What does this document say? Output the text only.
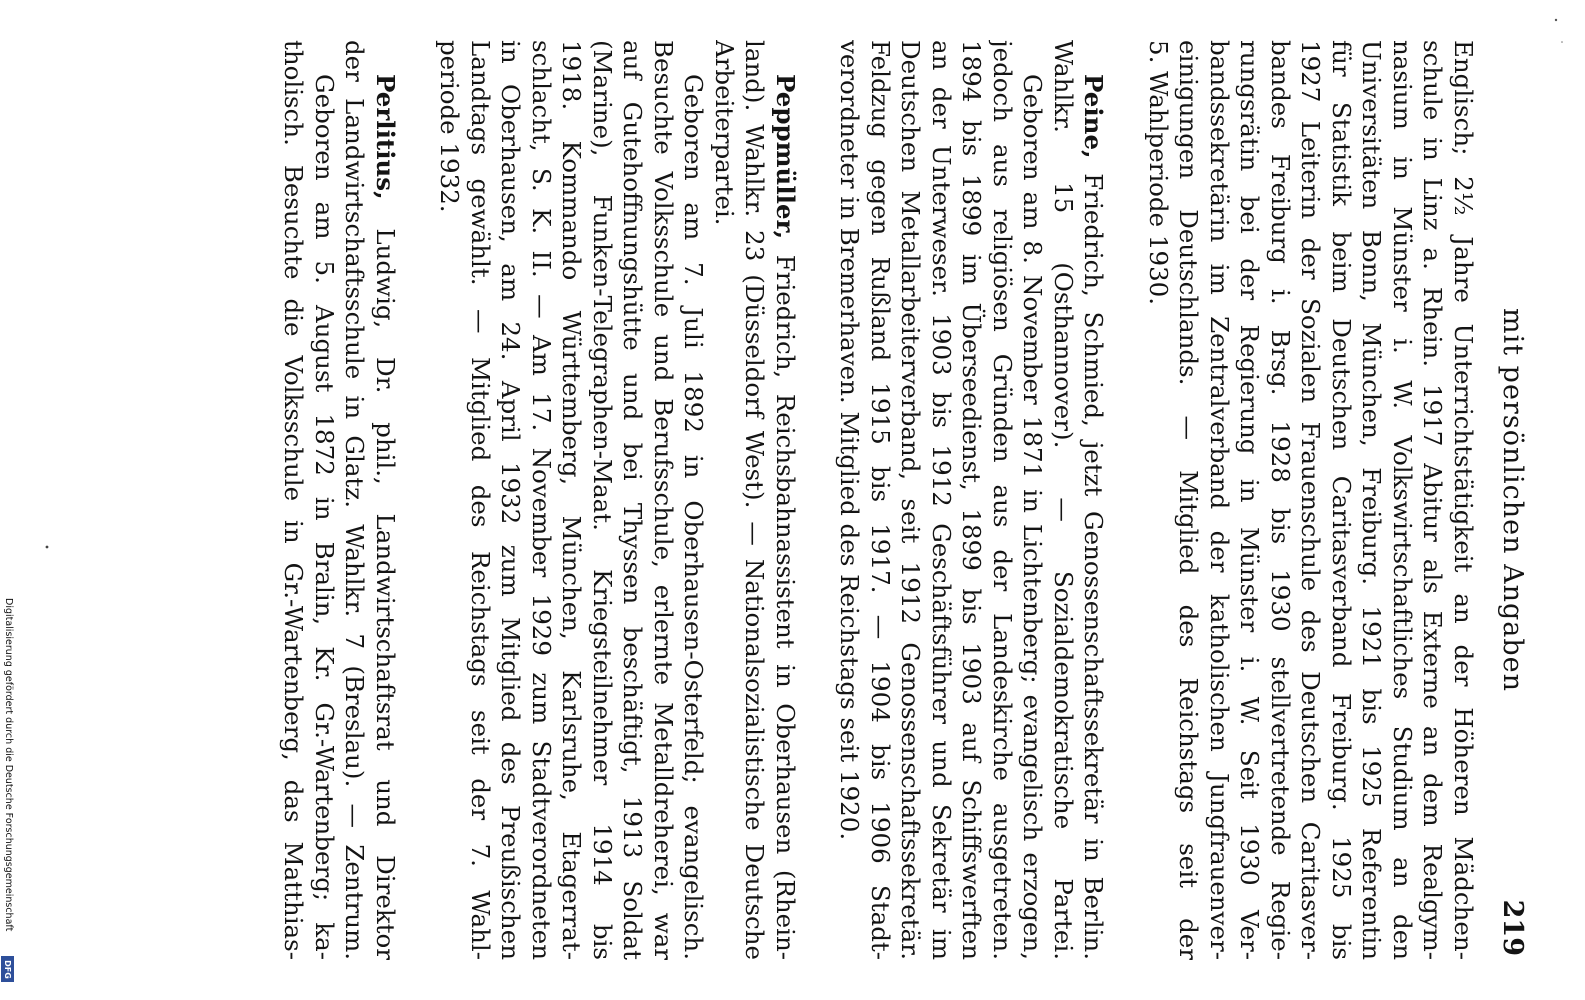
mit persönlichen Angaben
219
Englisch; 2½ Jahre Unterrichtstätigkeit an der Höheren Mädchen-
schule in Linz a. Rhein. 1917 Abitur als Externe an dem Realgym-
nasium in Münster i. W. Volkswirtschaftliches Studium an den
Universitäten Bonn, München, Freiburg. 1921 bis 1925 Referentin
für Statistik beim Deutschen Caritasverband Freiburg. 1925 bis
1927 Leiterin der Sozialen Frauenschule des Deutschen Caritasver-
bandes Freiburg i. Brsg. 1928 bis 1930 stellvertretende Regie-
rungsrätin bei der Regierung in Münster i. W. Seit 1930 Ver-
bandssekretärin im Zentralverband der katholischen Jungfrauenver-
einigungen Deutschlands. — Mitglied des Reichstags seit der
5. Wahlperiode 1930.
Peine, Friedrich, Schmied, jetzt Genossenschaftssekretär in Berlin.
Wahlkr. 15 (Osthannover). — Sozialdemokratische Partei.
Geboren am 8. November 1871 in Lichtenberg; evangelisch erzogen,
jedoch aus religiösen Gründen aus der Landeskirche ausgetreten.
1894 bis 1899 im Überseedienst, 1899 bis 1903 auf Schiffswerften
an der Unterweser. 1903 bis 1912 Geschäftsführer und Sekretär im
Deutschen Metallarbeiterverband, seit 1912 Genossenschaftssekretär.
Feldzug gegen Rußland 1915 bis 1917. — 1904 bis 1906 Stadt-
verordneter in Bremerhaven. Mitglied des Reichstags seit 1920.
Peppmüller, Friedrich, Reichsbahnassistent in Oberhausen (Rhein-
land). Wahlkr. 23 (Düsseldorf West). — Nationalsozialistische Deutsche
Arbeiterpartei.
Geboren am 7. Juli 1892 in Oberhausen-Osterfeld; evangelisch.
Besuchte Volksschule und Berufsschule, erlernte Metalldreherei, war
auf Gutehoffnungshütte und bei Thyssen beschäftigt, 1913 Soldat
(Marine), Funken-Telegraphen-Maat. Kriegsteilnehmer 1914 bis
1918. Kommando Württemberg, München, Karlsruhe, Etagerrat-
schlacht, S. K. II. — Am 17. November 1929 zum Stadtverordneten
in Oberhausen, am 24. April 1932 zum Mitglied des Preußischen
Landtags gewählt. — Mitglied des Reichstags seit der 7. Wahl-
periode 1932.
Perlitius, Ludwig, Dr. phil., Landwirtschaftsrat und Direktor
der Landwirtschaftsschule in Glatz. Wahlkr. 7 (Breslau). — Zentrum.
Geboren am 5. August 1872 in Bralin, Kr. Gr.-Wartenberg; ka-
tholisch. Besuchte die Volksschule in Gr.-Wartenberg, das Matthias-
Digitalisierung gefördert durch die Deutsche Forschungsgemeinschaft
DFG
